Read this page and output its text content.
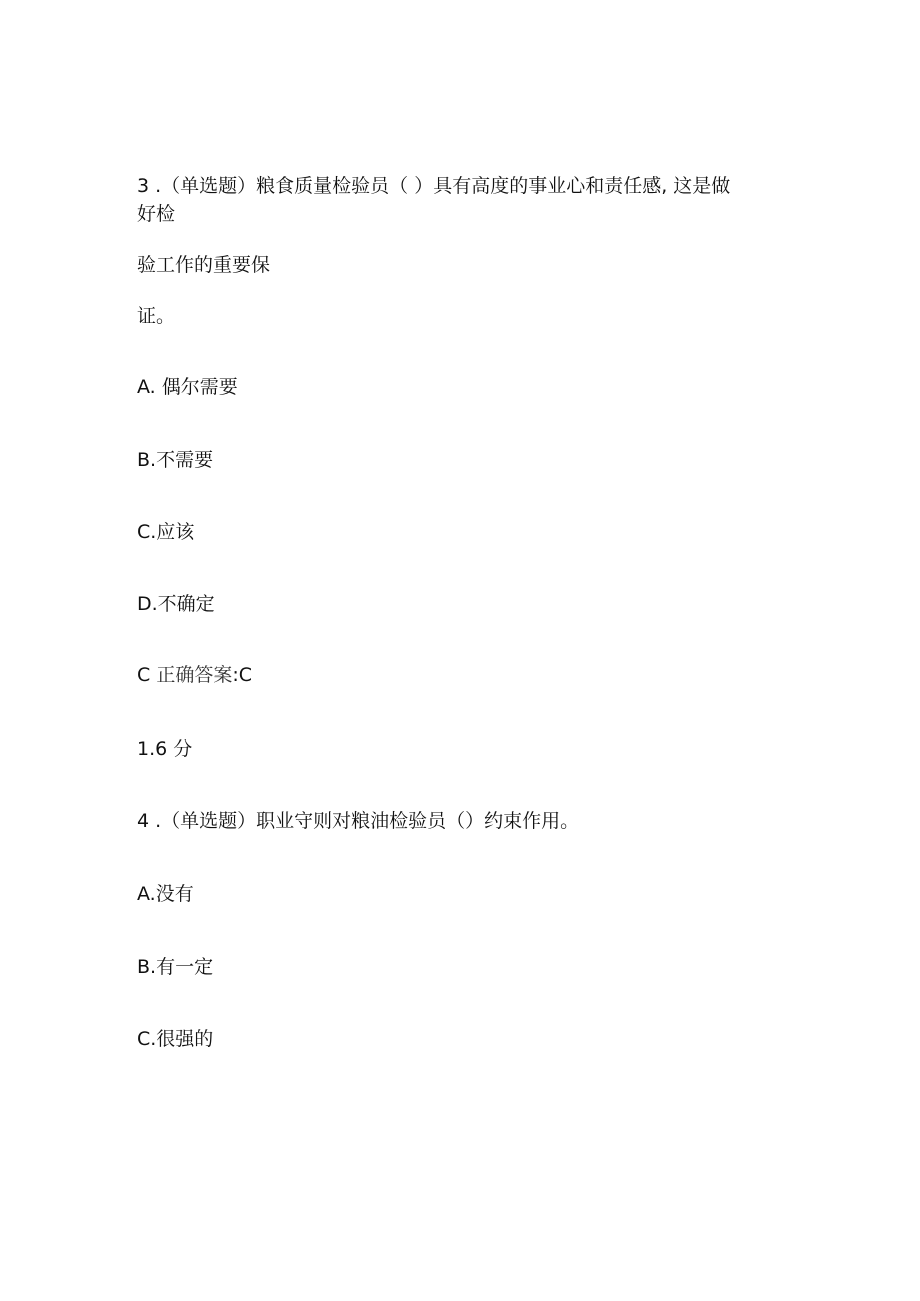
3 .（单选题）粮食质量检验员（ ）具有高度的事业心和责任感, 这是做

好检

验工作的重要保

证。

A. 偶尔需要

B.不需要

C.应该

D.不确定

C 正确答案:C

1.6 分

4 .（单选题）职业守则对粮油检验员（）约束作用。

A.没有

B.有一定

C.很强的
